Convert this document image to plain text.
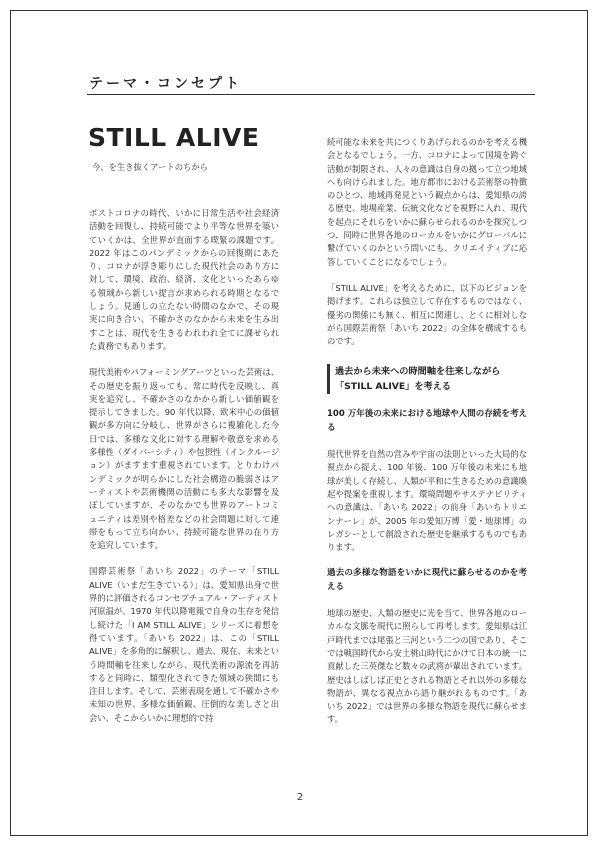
テーマ・コンセプト
STILL ALIVE
今、を生き抜くアートのちから

ポストコロナの時代、いかに日常生活や社会経済活動を回復し、持続可能でより平等な世界を築いていくかは、全世界が直面する喫緊の課題です。2022 年はこのパンデミックからの回復期にあたり、コロナが浮き彫りにした現代社会のあり方に対して、環境、政治、経済、文化といったあらゆる領域から新しい提言が求められる時期となるでしょう。見通しの立たない時間のなかで、その現実に向き合い、不確かさのなかから未来を生み出すことは、現代を生きるわれわれ全てに課せられた責務でもあります。

現代美術やパフォーミングアーツといった芸術は、その歴史を振り返っても、常に時代を反映し、真実を追究し、不確かさのなかから新しい価値観を提示してきました。90 年代以降、欧米中心の価値観が多方向に分岐し、世界がさらに複雑化した今日では、多様な文化に対する理解や敬意を求める多様性（ダイバーシティ）や包摂性（インクルージョン）がますます重視されています。とりわけパンデミックが明らかにした社会構造の脆弱さはアーティストや芸術機関の活動にも多大な影響を及ぼしていますが、そのなかでも世界のアートコミュニティは差別や格差などの社会問題に対して連帯をもって立ち向かい、持続可能な世界の在り方を追究しています。

国際芸術祭「あいち 2022」のテーマ「STILL ALIVE（いまだ生きている）」は、愛知県出身で世界的に評価されるコンセプチュアル・アーティスト河原温が、1970 年代以降電報で自身の生存を発信し続けた「I AM STILL ALIVE」シリーズに着想を得ています。「あいち 2022」は、この「STILL ALIVE」を多角的に解釈し、過去、現在、未来という時間軸を往来しながら、現代美術の源流を再訪すると同時に、類型化されてきた領域の狭間にも注目します。そして、芸術表現を通して不確かさや未知の世界、多様な価値観、圧倒的な美しさと出会い、そこからいかに理想的で持

続可能な未来を共につくりあげられるのかを考える機会となるでしょう。一方、コロナによって国境を跨ぐ活動が制限され、人々の意識は自身の拠って立つ地域へも向けられました。地方都市における芸術祭の特徴のひとつ、地域再発見という観点からは、愛知県の誇る歴史、地場産業、伝統文化などを視野に入れ、現代を起点にそれらをいかに蘇らせられるのかを探究しつつ、同時に世界各地のローカルをいかにグローバルに繋げていくのかという問いにも、クリエイティブに応答していくことになるでしょう。

「STILL ALIVE」を考えるために、以下のビジョンを掲げます。これらは独立して存在するものではなく、優劣の関係にも無く、相互に関連し、とくに相対しながら国際芸術祭「あいち 2022」の全体を構成するものです。

過去から未来への時間軸を往来しながら
「STILL ALIVE」を考える

100 万年後の未来における地球や人間の存続を考える

現代世界を自然の営みや宇宙の法則といった大局的な視点から捉え、100 年後、100 万年後の未来にも地球が美しく存続し、人類が平和に生きるための意識喚起や提案を重視します。環境問題やサステナビリティへの意識は、「あいち 2022」の前身「あいちトリエンナーレ」が、2005 年の愛知万博「愛・地球博」のレガシーとして創設された歴史を継承するものでもあります。

過去の多様な物語をいかに現代に蘇らせるのかを考える

地球の歴史、人類の歴史に光を当て、世界各地のローカルな文脈を現代に照らして再考します。愛知県は江戸時代までは尾張と三河という二つの国であり、そこでは戦国時代から安土桃山時代にかけて日本の統一に貢献した三英傑など数々の武将が輩出されています。歴史はしばしば正史とされる物語とそれ以外の多様な物語が、異なる視点から語り継がれるものです。「あいち 2022」では世界の多様な物語を現代に蘇らせます。

2
